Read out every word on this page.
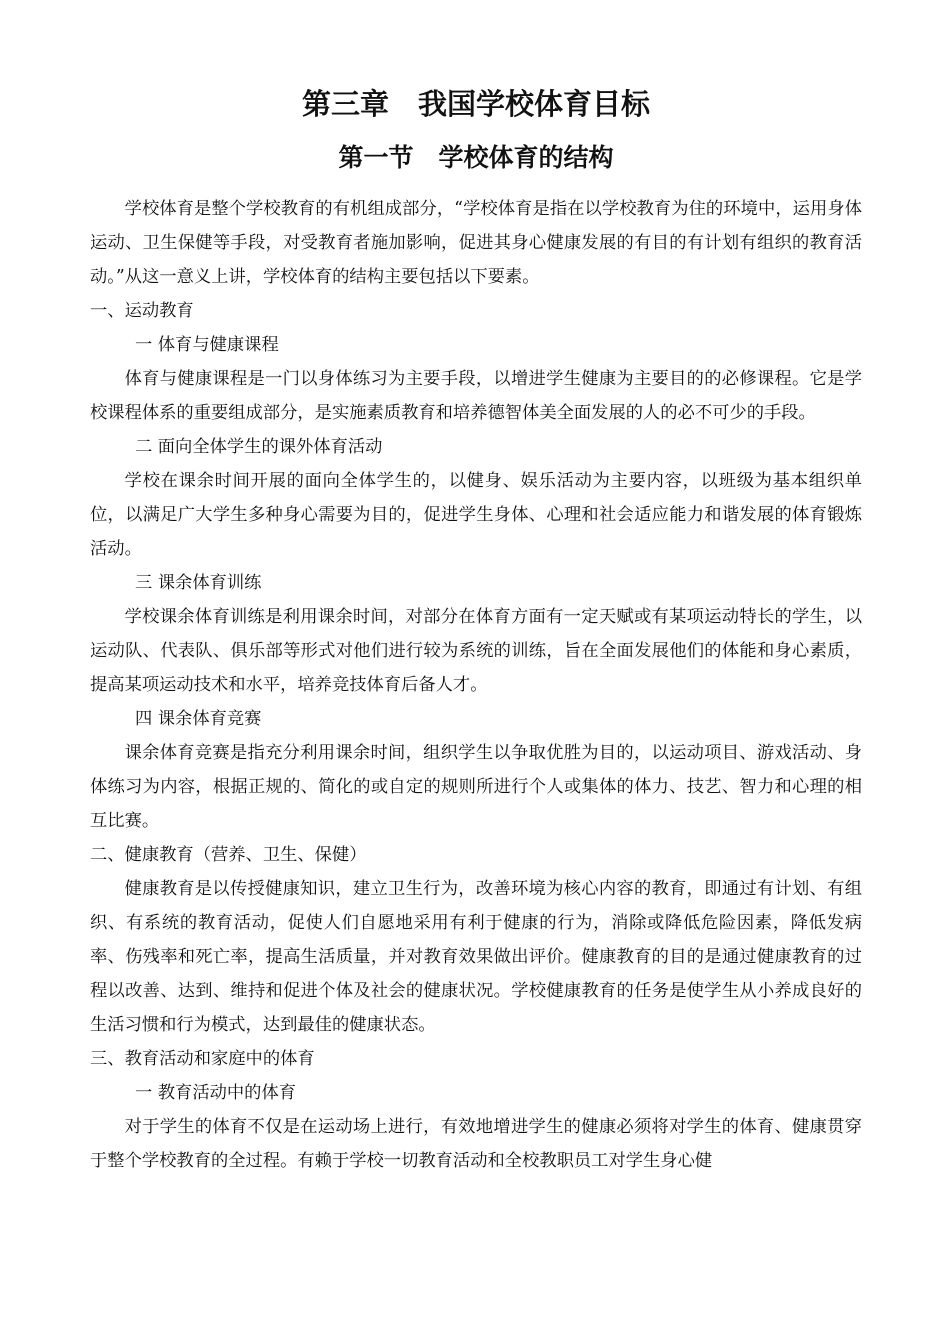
第三章　我国学校体育目标
第一节　学校体育的结构

学校体育是整个学校教育的有机组成部分，“学校体育是指在以学校教育为住的环境中，运用身体运动、卫生保健等手段，对受教育者施加影响，促进其身心健康发展的有目的有计划有组织的教育活动。”从这一意义上讲，学校体育的结构主要包括以下要素。

一、运动教育

一 体育与健康课程

体育与健康课程是一门以身体练习为主要手段，以增进学生健康为主要目的的必修课程。它是学校课程体系的重要组成部分，是实施素质教育和培养德智体美全面发展的人的必不可少的手段。

二 面向全体学生的课外体育活动

学校在课余时间开展的面向全体学生的，以健身、娱乐活动为主要内容，以班级为基本组织单位，以满足广大学生多种身心需要为目的，促进学生身体、心理和社会适应能力和谐发展的体育锻炼活动。

三 课余体育训练

学校课余体育训练是利用课余时间，对部分在体育方面有一定天赋或有某项运动特长的学生，以运动队、代表队、俱乐部等形式对他们进行较为系统的训练，旨在全面发展他们的体能和身心素质，提高某项运动技术和水平，培养竞技体育后备人才。

四 课余体育竞赛

课余体育竞赛是指充分利用课余时间，组织学生以争取优胜为目的，以运动项目、游戏活动、身体练习为内容，根据正规的、简化的或自定的规则所进行个人或集体的体力、技艺、智力和心理的相互比赛。

二、健康教育（营养、卫生、保健）

健康教育是以传授健康知识，建立卫生行为，改善环境为核心内容的教育，即通过有计划、有组织、有系统的教育活动，促使人们自愿地采用有利于健康的行为，消除或降低危险因素，降低发病率、伤残率和死亡率，提高生活质量，并对教育效果做出评价。健康教育的目的是通过健康教育的过程以改善、达到、维持和促进个体及社会的健康状况。学校健康教育的任务是使学生从小养成良好的生活习惯和行为模式，达到最佳的健康状态。

三、教育活动和家庭中的体育

一 教育活动中的体育

对于学生的体育不仅是在运动场上进行，有效地增进学生的健康必须将对学生的体育、健康贯穿于整个学校教育的全过程。有赖于学校一切教育活动和全校教职员工对学生身心健
